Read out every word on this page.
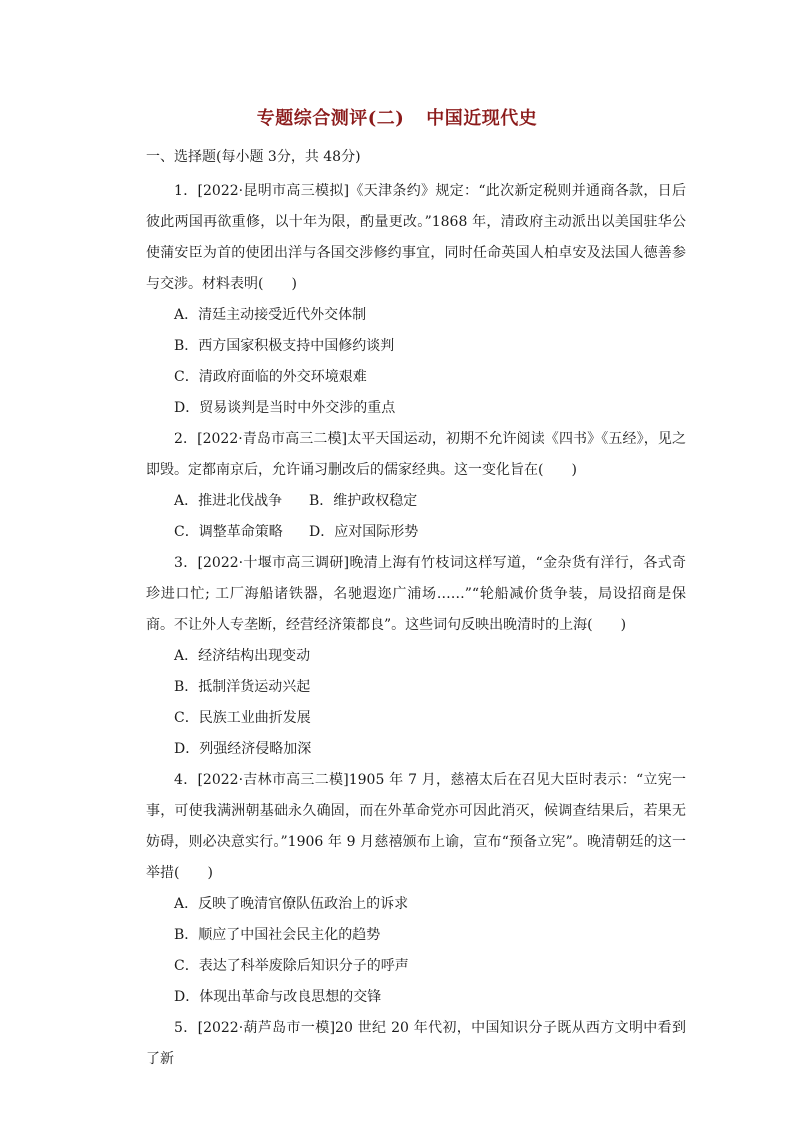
专题综合测评(二) 中国近现代史
一、选择题(每小题 3分，共 48分)

1．[2022·昆明市高三模拟]《天津条约》规定：“此次新定税则并通商各款，日后彼此两国再欲重修，以十年为限，酌量更改。”1868 年，清政府主动派出以美国驻华公使蒲安臣为首的使团出洋与各国交涉修约事宜，同时任命英国人柏卓安及法国人德善参与交涉。材料表明(　　)

A．清廷主动接受近代外交体制

B．西方国家积极支持中国修约谈判

C．清政府面临的外交环境艰难

D．贸易谈判是当时中外交涉的重点

2．[2022·青岛市高三二模]太平天国运动，初期不允许阅读《四书》《五经》，见之即毁。定都南京后，允许诵习删改后的儒家经典。这一变化旨在(　　)

A．推进北伐战争	B．维护政权稳定
C．调整革命策略	D．应对国际形势

3．[2022·十堰市高三调研]晚清上海有竹枝词这样写道，“金杂货有洋行，各式奇珍进口忙; 工厂海船诸铁器，名驰遐迩广浦场……”“轮船减价货争装，局设招商是保商。不让外人专垄断，经营经济策都良”。这些词句反映出晚清时的上海(　　)

A．经济结构出现变动

B．抵制洋货运动兴起

C．民族工业曲折发展

D．列强经济侵略加深

4．[2022·吉林市高三二模]1905 年 7 月，慈禧太后在召见大臣时表示：“立宪一事，可使我满洲朝基础永久确固，而在外革命党亦可因此消灭，候调查结果后，若果无妨碍，则必决意实行。”1906 年 9 月慈禧颁布上谕，宣布“预备立宪”。晚清朝廷的这一举措(　　)

A．反映了晚清官僚队伍政治上的诉求

B．顺应了中国社会民主化的趋势

C．表达了科举废除后知识分子的呼声

D．体现出革命与改良思想的交锋

5．[2022·葫芦岛市一模]20 世纪 20 年代初，中国知识分子既从西方文明中看到了新
